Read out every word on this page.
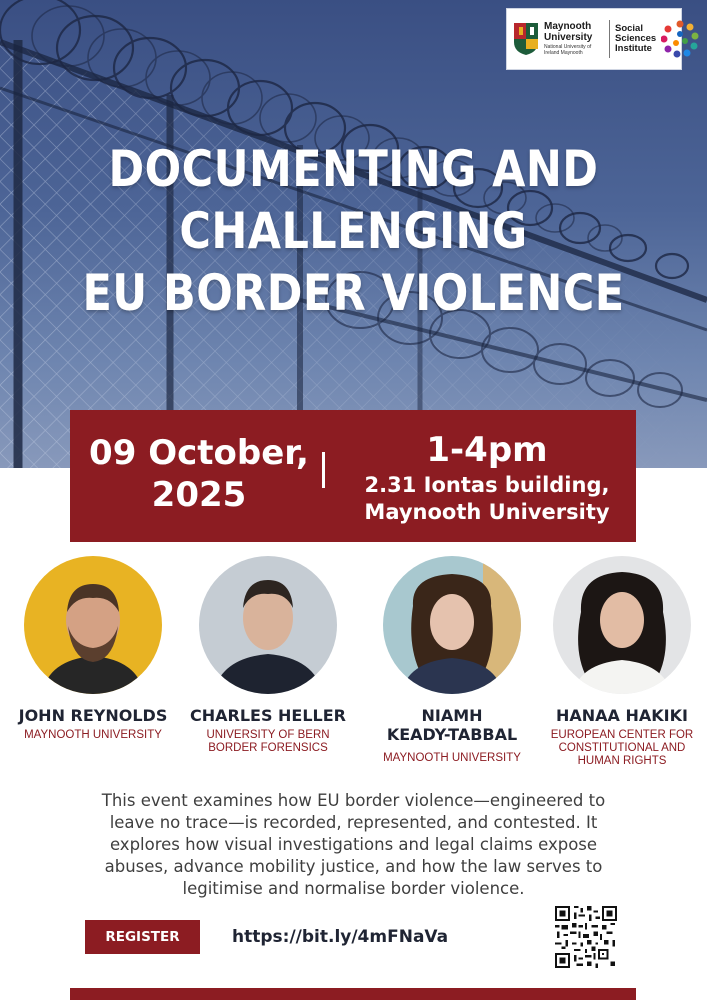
Maynooth University
National University of Ireland Maynooth
Social Sciences Institute
DOCUMENTING AND
CHALLENGING
EU BORDER VIOLENCE
09 October,
2025
1-4pm
2.31 Iontas building,
Maynooth University
JOHN REYNOLDS
MAYNOOTH UNIVERSITY
CHARLES HELLER
UNIVERSITY OF BERN
BORDER FORENSICS
NIAMH
KEADY-TABBAL
MAYNOOTH UNIVERSITY
HANAA HAKIKI
EUROPEAN CENTER FOR
CONSTITUTIONAL AND
HUMAN RIGHTS
This event examines how EU border violence—engineered to
leave no trace—is recorded, represented, and contested. It
explores how visual investigations and legal claims expose
abuses, advance mobility justice, and how the law serves to
legitimise and normalise border violence.
REGISTER	https://bit.ly/4mFNaVa
